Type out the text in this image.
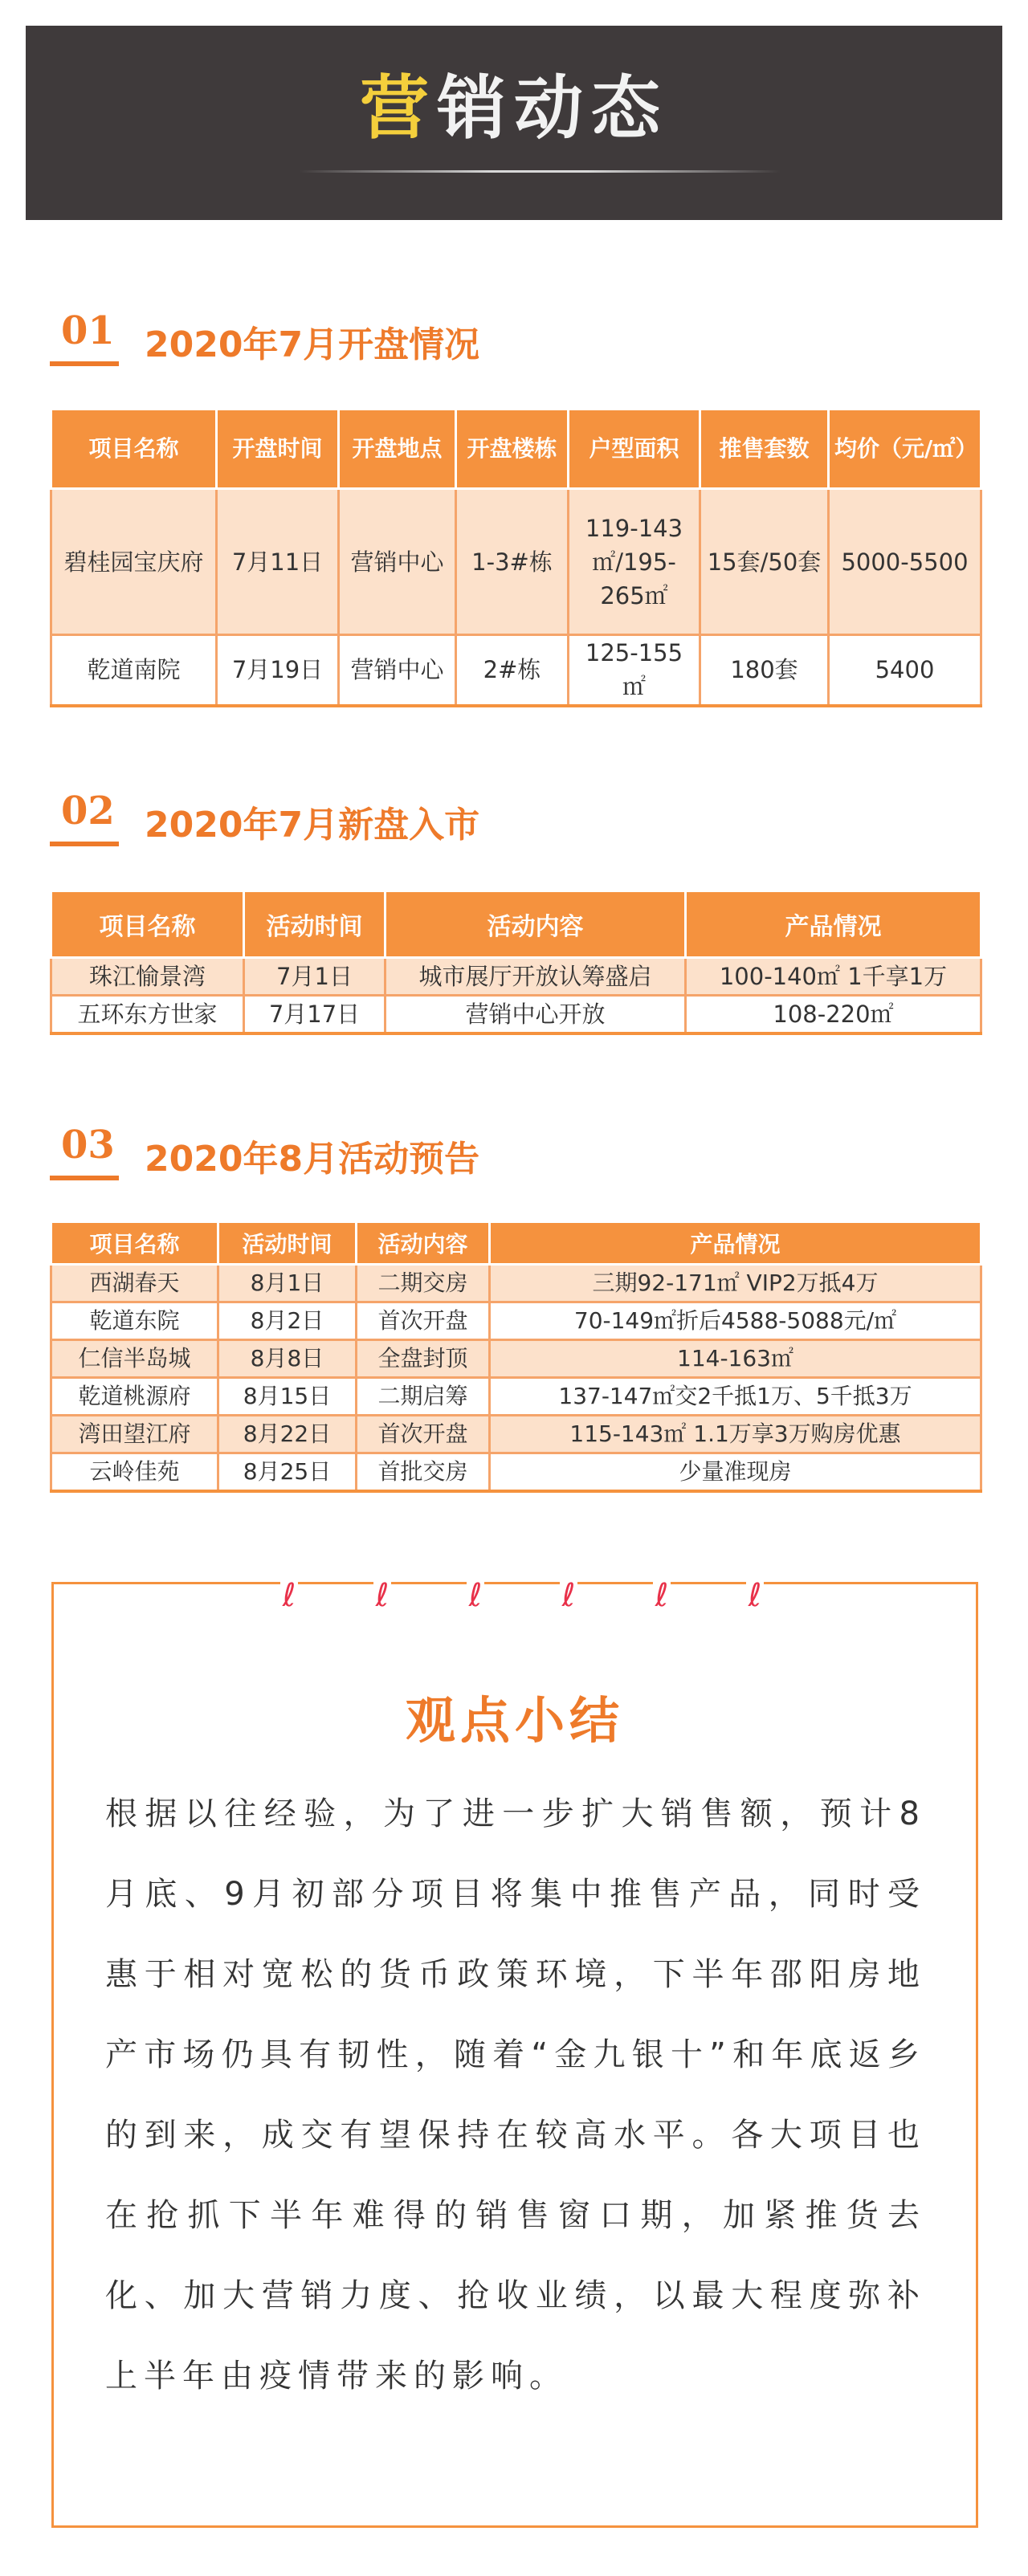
营销动态
01 2020年7月开盘情况
项目名称	开盘时间	开盘地点	开盘楼栋	户型面积	推售套数	均价（元/㎡）
碧桂园宝庆府	7月11日	营销中心	1-3#栋	119-143㎡/195-265㎡	15套/50套	5000-5500
乾道南院	7月19日	营销中心	2#栋	125-155㎡	180套	5400
02 2020年7月新盘入市
项目名称	活动时间	活动内容	产品情况
珠江愉景湾	7月1日	城市展厅开放认筹盛启	100-140㎡ 1千享1万
五环东方世家	7月17日	营销中心开放	108-220㎡
03 2020年8月活动预告
项目名称	活动时间	活动内容	产品情况
西湖春天	8月1日	二期交房	三期92-171㎡ VIP2万抵4万
乾道东院	8月2日	首次开盘	70-149㎡折后4588-5088元/㎡
仁信半岛城	8月8日	全盘封顶	114-163㎡
乾道桃源府	8月15日	二期启筹	137-147㎡交2千抵1万、5千抵3万
湾田望江府	8月22日	首次开盘	115-143㎡ 1.1万享3万购房优惠
云岭佳苑	8月25日	首批交房	少量准现房
ℓ ℓ ℓ ℓ ℓ ℓ
观点小结
根据以往经验，为了进一步扩大销售额，预计8月底、9月初部分项目将集中推售产品，同时受惠于相对宽松的货币政策环境，下半年邵阳房地产市场仍具有韧性，随着“金九银十”和年底返乡的到来，成交有望保持在较高水平。各大项目也在抢抓下半年难得的销售窗口期，加紧推货去化、加大营销力度、抢收业绩，以最大程度弥补上半年由疫情带来的影响。
